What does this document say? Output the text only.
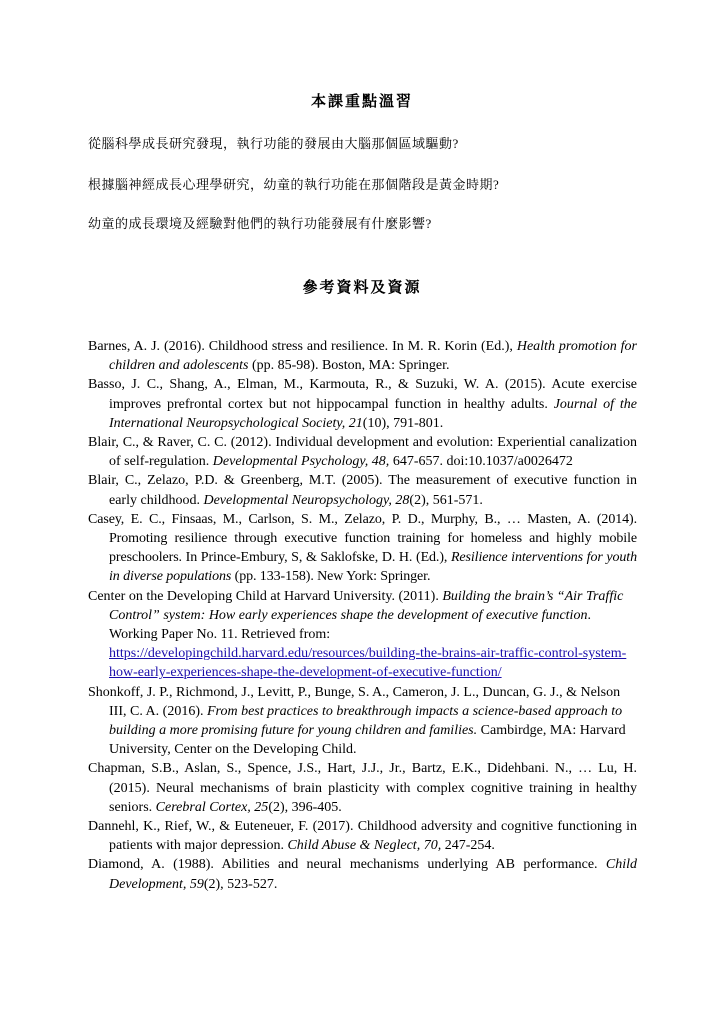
本課重點溫習
從腦科學成長研究發現，執行功能的發展由大腦那個區域驅動?
根據腦神經成長心理學研究，幼童的執行功能在那個階段是黃金時期?
幼童的成長環境及經驗對他們的執行功能發展有什麼影響?
參考資料及資源
Barnes, A. J. (2016). Childhood stress and resilience. In M. R. Korin (Ed.), Health promotion for children and adolescents (pp. 85-98). Boston, MA: Springer.
Basso, J. C., Shang, A., Elman, M., Karmouta, R., & Suzuki, W. A. (2015). Acute exercise improves prefrontal cortex but not hippocampal function in healthy adults. Journal of the International Neuropsychological Society, 21(10), 791-801.
Blair, C., & Raver, C. C. (2012). Individual development and evolution: Experiential canalization of self-regulation. Developmental Psychology, 48, 647-657. doi:10.1037/a0026472
Blair, C., Zelazo, P.D. & Greenberg, M.T. (2005). The measurement of executive function in early childhood. Developmental Neuropsychology, 28(2), 561-571.
Casey, E. C., Finsaas, M., Carlson, S. M., Zelazo, P. D., Murphy, B., … Masten, A. (2014). Promoting resilience through executive function training for homeless and highly mobile preschoolers. In Prince-Embury, S, & Saklofske, D. H. (Ed.), Resilience interventions for youth in diverse populations (pp. 133-158). New York: Springer.
Center on the Developing Child at Harvard University. (2011). Building the brain’s “Air Traffic Control” system: How early experiences shape the development of executive function. Working Paper No. 11. Retrieved from: https://developingchild.harvard.edu/resources/building-the-brains-air-traffic-control-system-how-early-experiences-shape-the-development-of-executive-function/
Shonkoff, J. P., Richmond, J., Levitt, P., Bunge, S. A., Cameron, J. L., Duncan, G. J., & Nelson III, C. A. (2016). From best practices to breakthrough impacts a science-based approach to building a more promising future for young children and families. Cambirdge, MA: Harvard University, Center on the Developing Child.
Chapman, S.B., Aslan, S., Spence, J.S., Hart, J.J., Jr., Bartz, E.K., Didehbani. N., … Lu, H. (2015). Neural mechanisms of brain plasticity with complex cognitive training in healthy seniors. Cerebral Cortex, 25(2), 396-405.
Dannehl, K., Rief, W., & Euteneuer, F. (2017). Childhood adversity and cognitive functioning in patients with major depression. Child Abuse & Neglect, 70, 247-254.
Diamond, A. (1988). Abilities and neural mechanisms underlying AB performance. Child Development, 59(2), 523-527.
